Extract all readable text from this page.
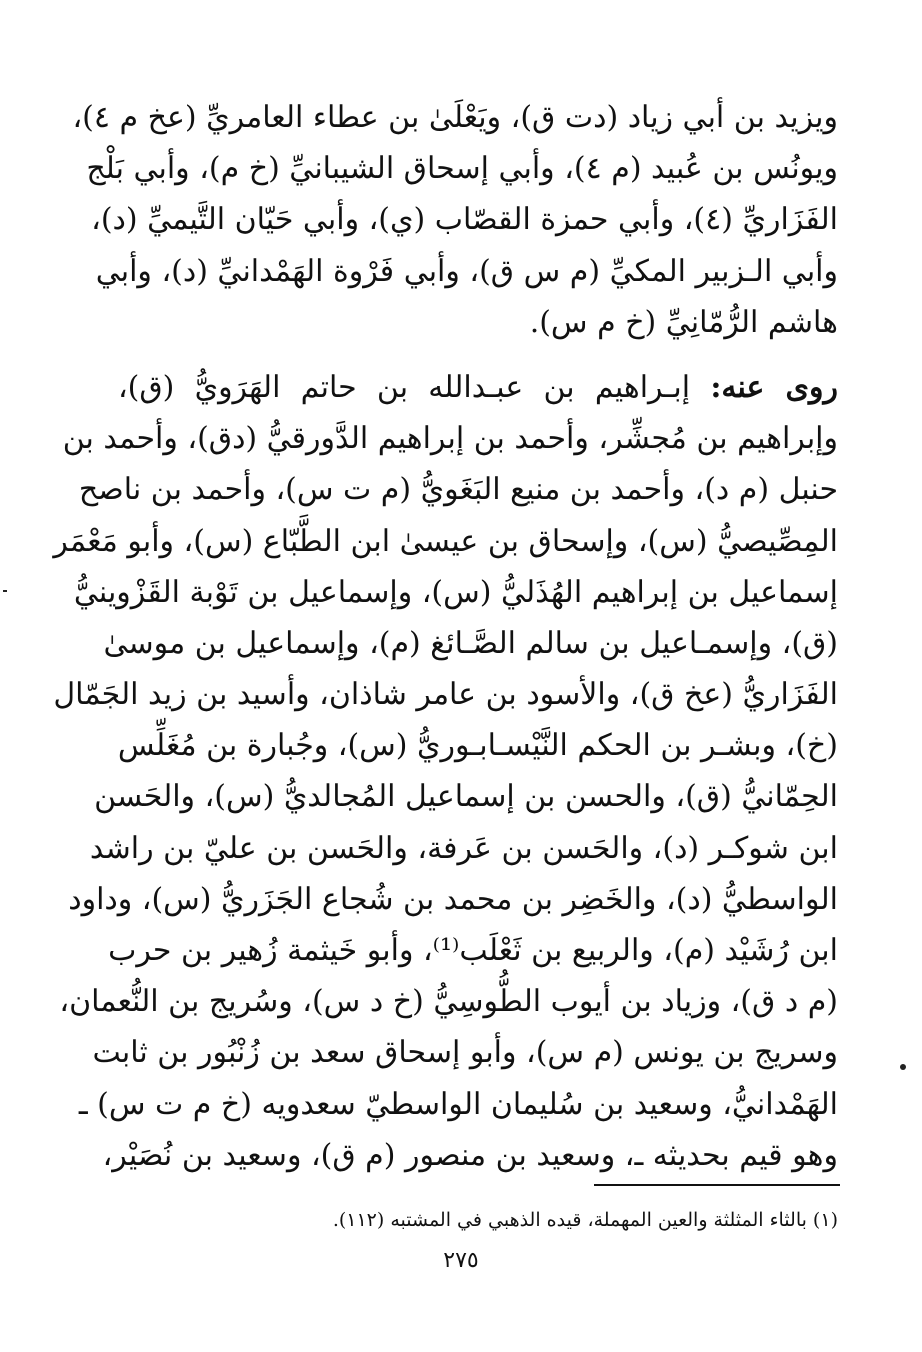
ويزيد بن أبي زياد (دت ق)، ويَعْلَىٰ بن عطاء العامريِّ (عخ م ٤)،
ويونُس بن عُبيد (م ٤)، وأبي إسحاق الشيبانيِّ (خ م)، وأبي بَلْج
الفَزَاريِّ (٤)، وأبي حمزة القصّاب (ي)، وأبي حَيّان التَّيميِّ (د)،
وأبي الـزبير المكيِّ (م س ق)، وأبي فَرْوة الهَمْدانيِّ (د)، وأبي
هاشم الرُّمّانِيِّ (خ م س).
روى عنه: إبـراهيم بن عبـدالله بن حاتم الهَرَويُّ (ق)،
وإبراهيم بن مُجشِّر، وأحمد بن إبراهيم الدَّورقيُّ (دق)، وأحمد بن
حنبل (م د)، وأحمد بن منيع البَغَويُّ (م ت س)، وأحمد بن ناصح
المِصِّيصيُّ (س)، وإسحاق بن عيسىٰ ابن الطَّبّاع (س)، وأبو مَعْمَر
إسماعيل بن إبراهيم الهُذَليُّ (س)، وإسماعيل بن تَوْبة القَزْوينيُّ
(ق)، وإسمـاعيل بن سالم الصَّـائغ (م)، وإسماعيل بن موسىٰ
الفَزَاريُّ (عخ ق)، والأسود بن عامر شاذان، وأسيد بن زيد الجَمّال
(خ)، وبشـر بن الحكم النَّيْسـابـوريُّ (س)، وجُبارة بن مُغَلِّس
الحِمّانيُّ (ق)، والحسن بن إسماعيل المُجالديُّ (س)، والحَسن
ابن شوكـر (د)، والحَسن بن عَرفة، والحَسن بن عليّ بن راشد
الواسطيُّ (د)، والخَضِر بن محمد بن شُجاع الجَزَريُّ (س)، وداود
ابن رُشَيْد (م)، والربيع بن ثَعْلَب⁽¹⁾، وأبو خَيثمة زُهير بن حرب
(م د ق)، وزياد بن أيوب الطُّوسِيُّ (خ د س)، وسُريج بن النُّعمان،
وسريج بن يونس (م س)، وأبو إسحاق سعد بن زُنْبُور بن ثابت
الهَمْدانيُّ، وسعيد بن سُليمان الواسطيّ سعدويه (خ م ت س) ـ
وهو قيم بحديثه ـ، وسعيد بن منصور (م ق)، وسعيد بن نُصَيْر،
(١) بالثاء المثلثة والعين المهملة، قيده الذهبي في المشتبه (١١٢).
٢٧٥
